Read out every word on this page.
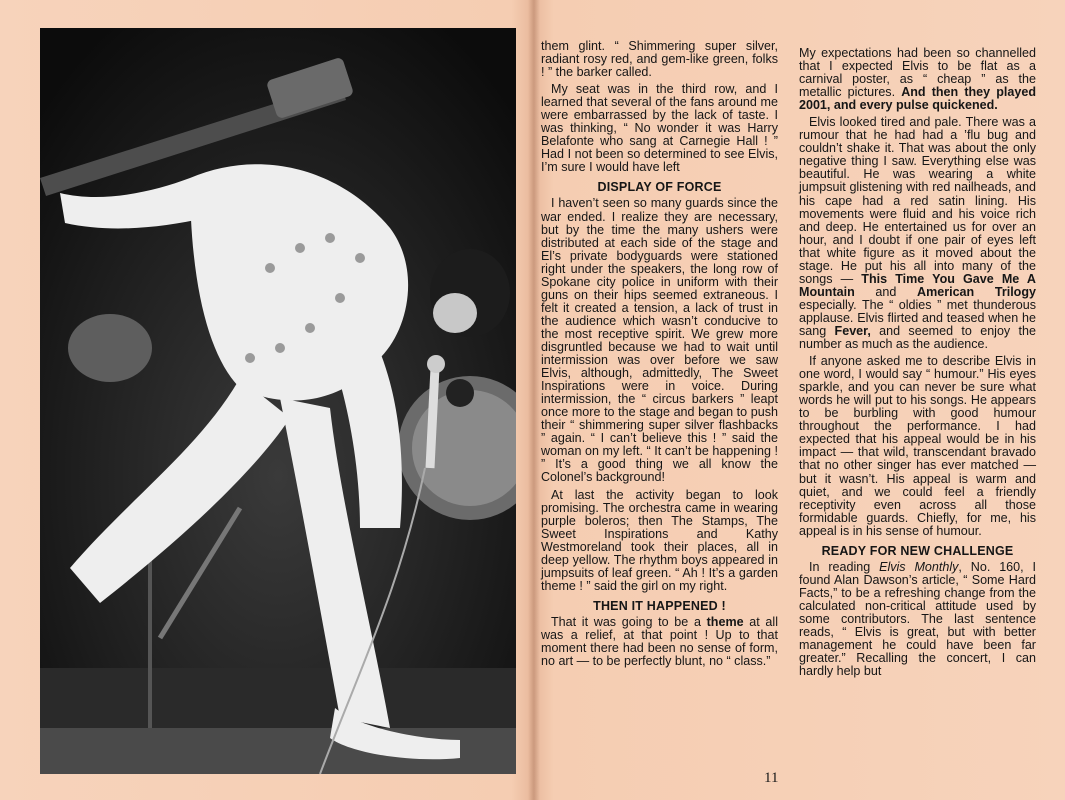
them glint. “ Shimmering super silver, radiant rosy red, and gem-like green, folks ! ” the barker called.

My seat was in the third row, and I learned that several of the fans around me were embarrassed by the lack of taste. I was thinking, “ No wonder it was Harry Belafonte who sang at Carnegie Hall ! ” Had I not been so determined to see Elvis, I’m sure I would have left

DISPLAY OF FORCE

I haven’t seen so many guards since the war ended. I realize they are necessary, but by the time the many ushers were distributed at each side of the stage and El’s private bodyguards were stationed right under the speakers, the long row of Spokane city police in uniform with their guns on their hips seemed extraneous. I felt it created a tension, a lack of trust in the audience which wasn’t conducive to the most receptive spirit. We grew more disgruntled because we had to wait until intermission was over before we saw Elvis, although, admittedly, The Sweet Inspirations were in voice. During intermission, the “ circus barkers ” leapt once more to the stage and began to push their “ shimmering super silver flashbacks ” again. “ I can’t believe this ! ” said the woman on my left. “ It can’t be happening ! ” It’s a good thing we all know the Colonel’s background!

At last the activity began to look promising. The orchestra came in wearing purple boleros; then The Stamps, The Sweet Inspirations and Kathy Westmoreland took their places, all in deep yellow. The rhythm boys appeared in jumpsuits of leaf green. “ Ah ! It’s a garden theme ! ” said the girl on my right.

THEN IT HAPPENED !

That it was going to be a theme at all was a relief, at that point ! Up to that moment there had been no sense of form, no art — to be perfectly blunt, no “ class.”

My expectations had been so channelled that I expected Elvis to be flat as a carnival poster, as “ cheap ” as the metallic pictures. And then they played 2001, and every pulse quickened.

Elvis looked tired and pale. There was a rumour that he had had a ’flu bug and couldn’t shake it. That was about the only negative thing I saw. Everything else was beautiful. He was wearing a white jumpsuit glistening with red nailheads, and his cape had a red satin lining. His movements were fluid and his voice rich and deep. He entertained us for over an hour, and I doubt if one pair of eyes left that white figure as it moved about the stage. He put his all into many of the songs — This Time You Gave Me A Mountain and American Trilogy especially. The “ oldies ” met thunderous applause. Elvis flirted and teased when he sang Fever, and seemed to enjoy the number as much as the audience.

If anyone asked me to describe Elvis in one word, I would say “ humour.” His eyes sparkle, and you can never be sure what words he will put to his songs. He appears to be burbling with good humour throughout the performance. I had expected that his appeal would be in his impact — that wild, transcendant bravado that no other singer has ever matched — but it wasn’t. His appeal is warm and quiet, and we could feel a friendly receptivity even across all those formidable guards. Chiefly, for me, his appeal is in his sense of humour.

READY FOR NEW CHALLENGE

In reading Elvis Monthly, No. 160, I found Alan Dawson’s article, “ Some Hard Facts,” to be a refreshing change from the calculated non-critical attitude used by some contributors. The last sentence reads, “ Elvis is great, but with better management he could have been far greater.” Recalling the concert, I can hardly help but

11
